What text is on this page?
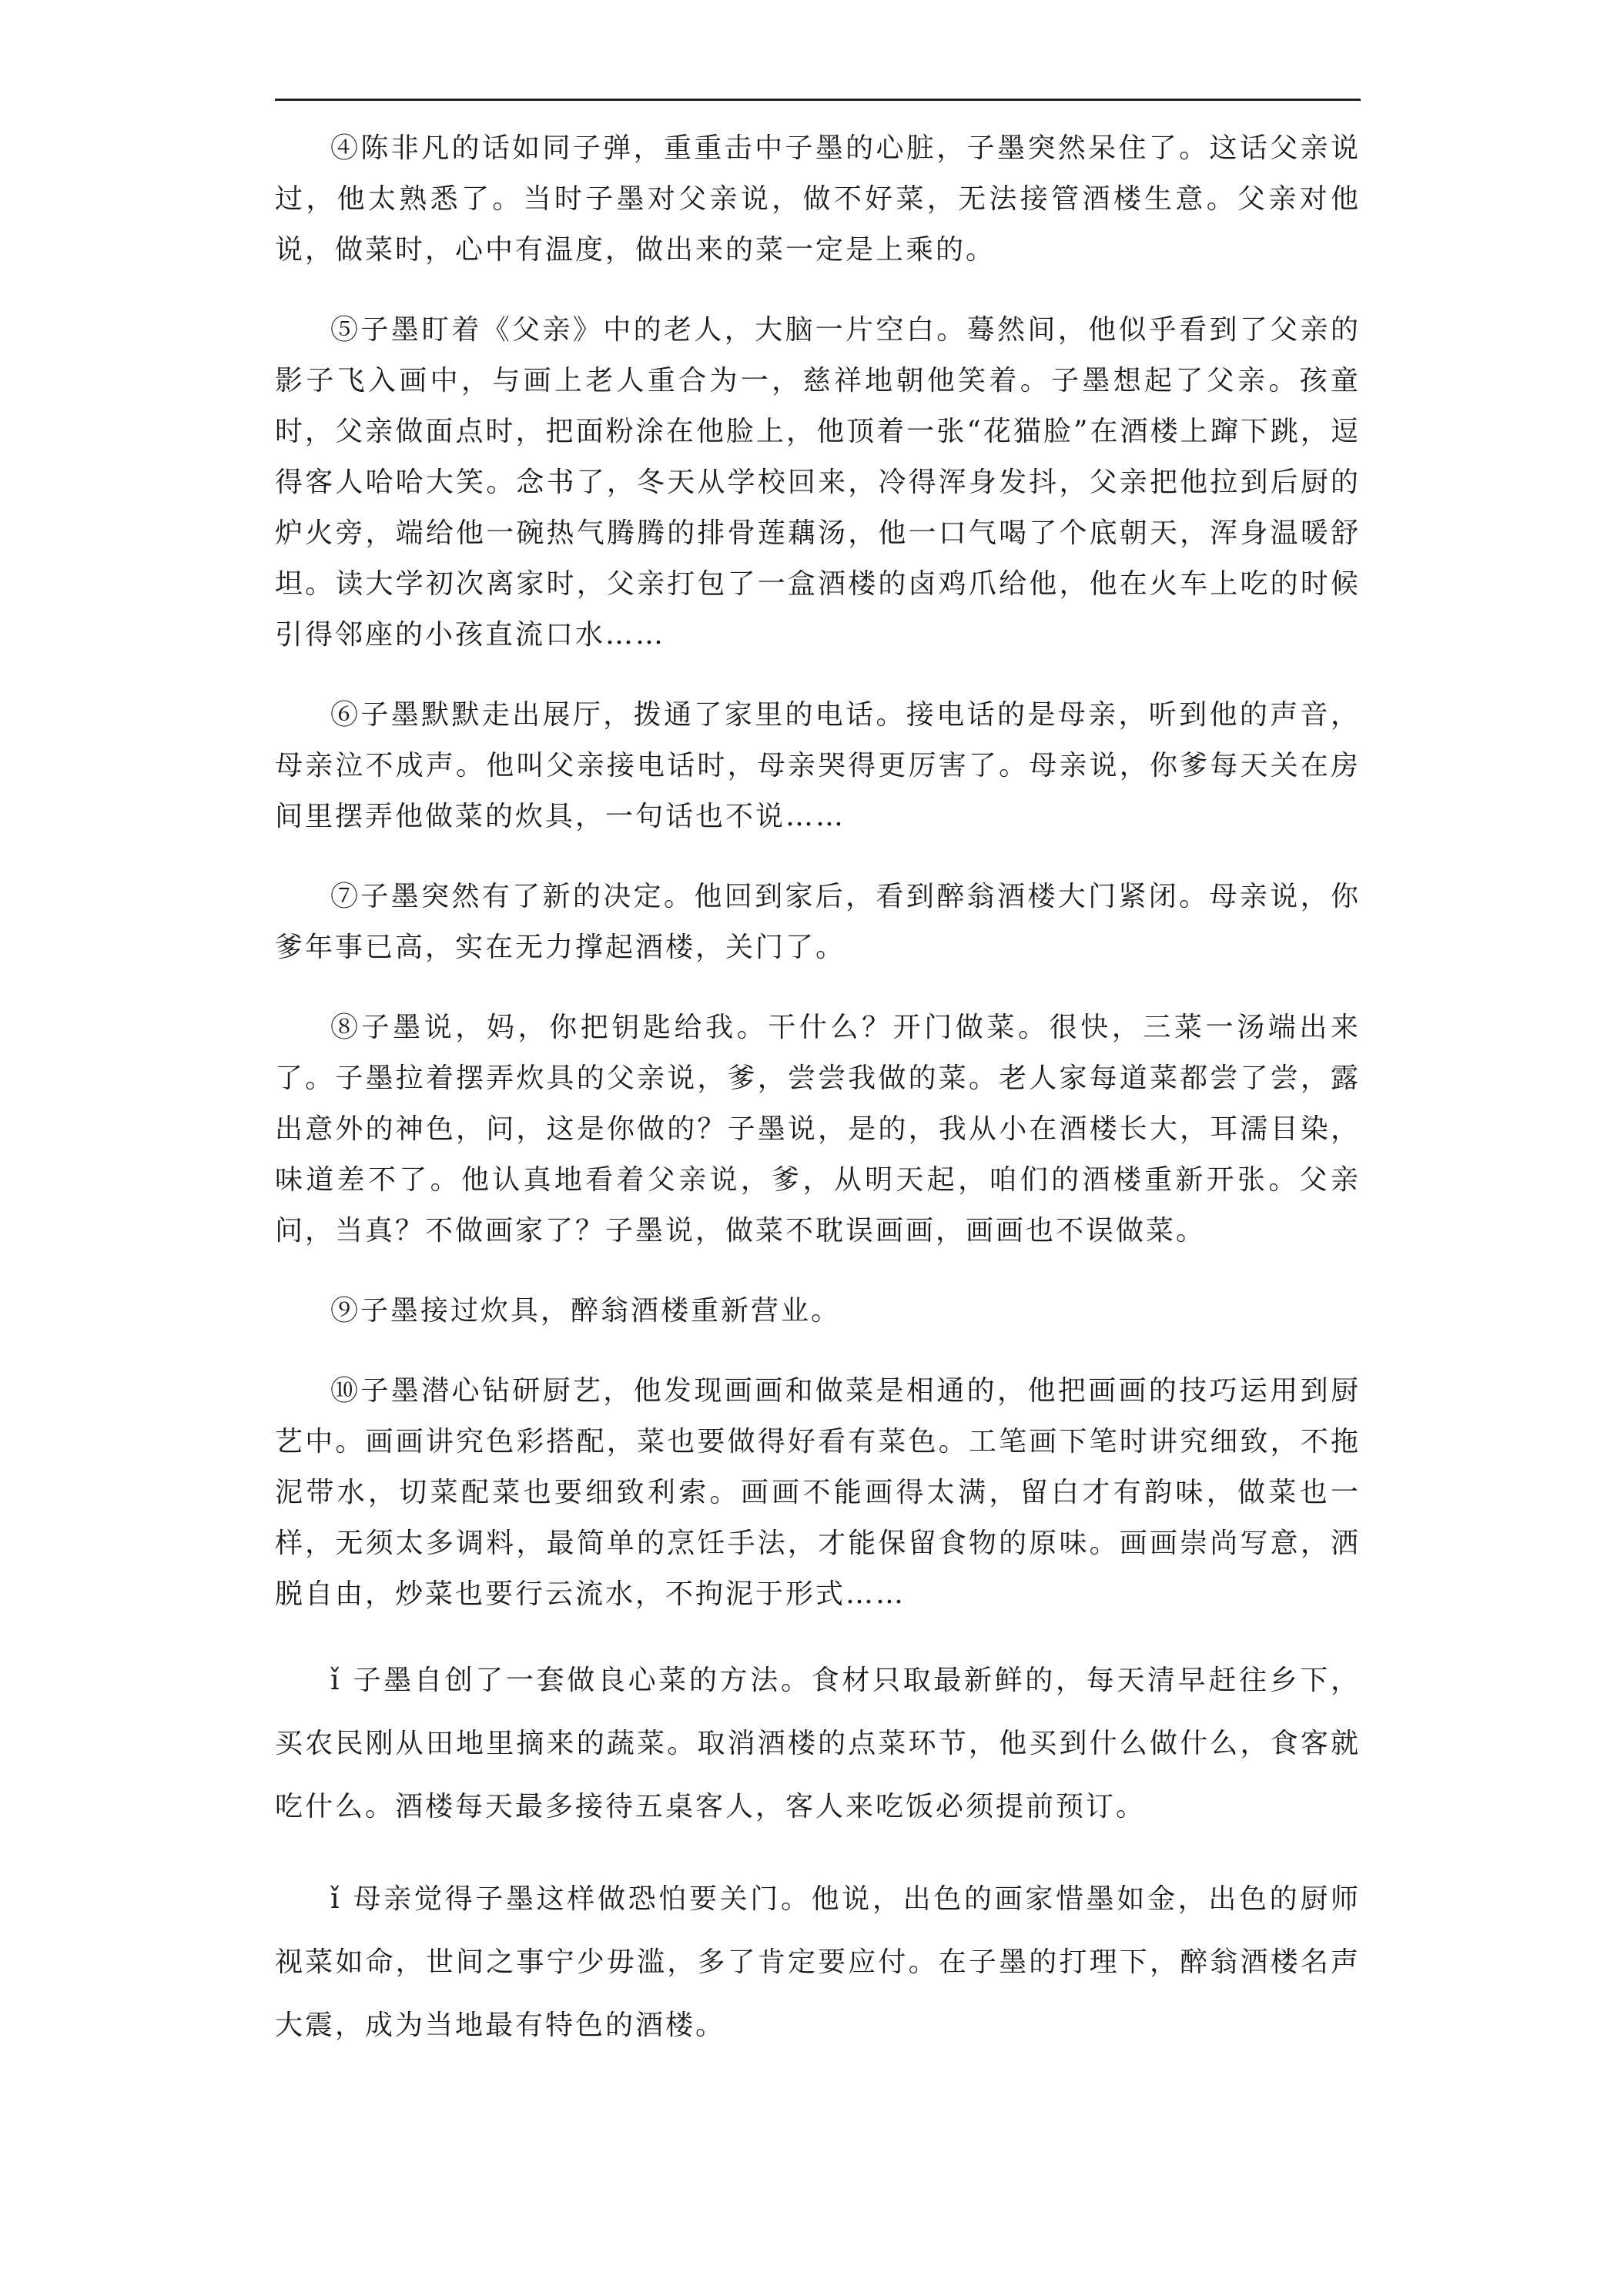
④陈非凡的话如同子弹，重重击中子墨的心脏，子墨突然呆住了。这话父亲说过，他太熟悉了。当时子墨对父亲说，做不好菜，无法接管酒楼生意。父亲对他说，做菜时，心中有温度，做出来的菜一定是上乘的。

⑤子墨盯着《父亲》中的老人，大脑一片空白。蓦然间，他似乎看到了父亲的影子飞入画中，与画上老人重合为一，慈祥地朝他笑着。子墨想起了父亲。孩童时，父亲做面点时，把面粉涂在他脸上，他顶着一张“花猫脸”在酒楼上蹿下跳，逗得客人哈哈大笑。念书了，冬天从学校回来，冷得浑身发抖，父亲把他拉到后厨的炉火旁，端给他一碗热气腾腾的排骨莲藕汤，他一口气喝了个底朝天，浑身温暖舒坦。读大学初次离家时，父亲打包了一盒酒楼的卤鸡爪给他，他在火车上吃的时候引得邻座的小孩直流口水……

⑥子墨默默走出展厅，拨通了家里的电话。接电话的是母亲，听到他的声音，母亲泣不成声。他叫父亲接电话时，母亲哭得更厉害了。母亲说，你爹每天关在房间里摆弄他做菜的炊具，一句话也不说……

⑦子墨突然有了新的决定。他回到家后，看到醉翁酒楼大门紧闭。母亲说，你爹年事已高，实在无力撑起酒楼，关门了。

⑧子墨说，妈，你把钥匙给我。干什么？开门做菜。很快，三菜一汤端出来了。子墨拉着摆弄炊具的父亲说，爹，尝尝我做的菜。老人家每道菜都尝了尝，露出意外的神色，问，这是你做的？子墨说，是的，我从小在酒楼长大，耳濡目染，味道差不了。他认真地看着父亲说，爹，从明天起，咱们的酒楼重新开张。父亲问，当真？不做画家了？子墨说，做菜不耽误画画，画画也不误做菜。

⑨子墨接过炊具，醉翁酒楼重新营业。

⑩子墨潜心钻研厨艺，他发现画画和做菜是相通的，他把画画的技巧运用到厨艺中。画画讲究色彩搭配，菜也要做得好看有菜色。工笔画下笔时讲究细致，不拖泥带水，切菜配菜也要细致利索。画画不能画得太满，留白才有韵味，做菜也一样，无须太多调料，最简单的烹饪手法，才能保留食物的原味。画画崇尚写意，洒脱自由，炒菜也要行云流水，不拘泥于形式……

ǐ 子墨自创了一套做良心菜的方法。食材只取最新鲜的，每天清早赶往乡下，买农民刚从田地里摘来的蔬菜。取消酒楼的点菜环节，他买到什么做什么，食客就吃什么。酒楼每天最多接待五桌客人，客人来吃饭必须提前预订。

ǐ 母亲觉得子墨这样做恐怕要关门。他说，出色的画家惜墨如金，出色的厨师视菜如命，世间之事宁少毋滥，多了肯定要应付。在子墨的打理下，醉翁酒楼名声大震，成为当地最有特色的酒楼。
